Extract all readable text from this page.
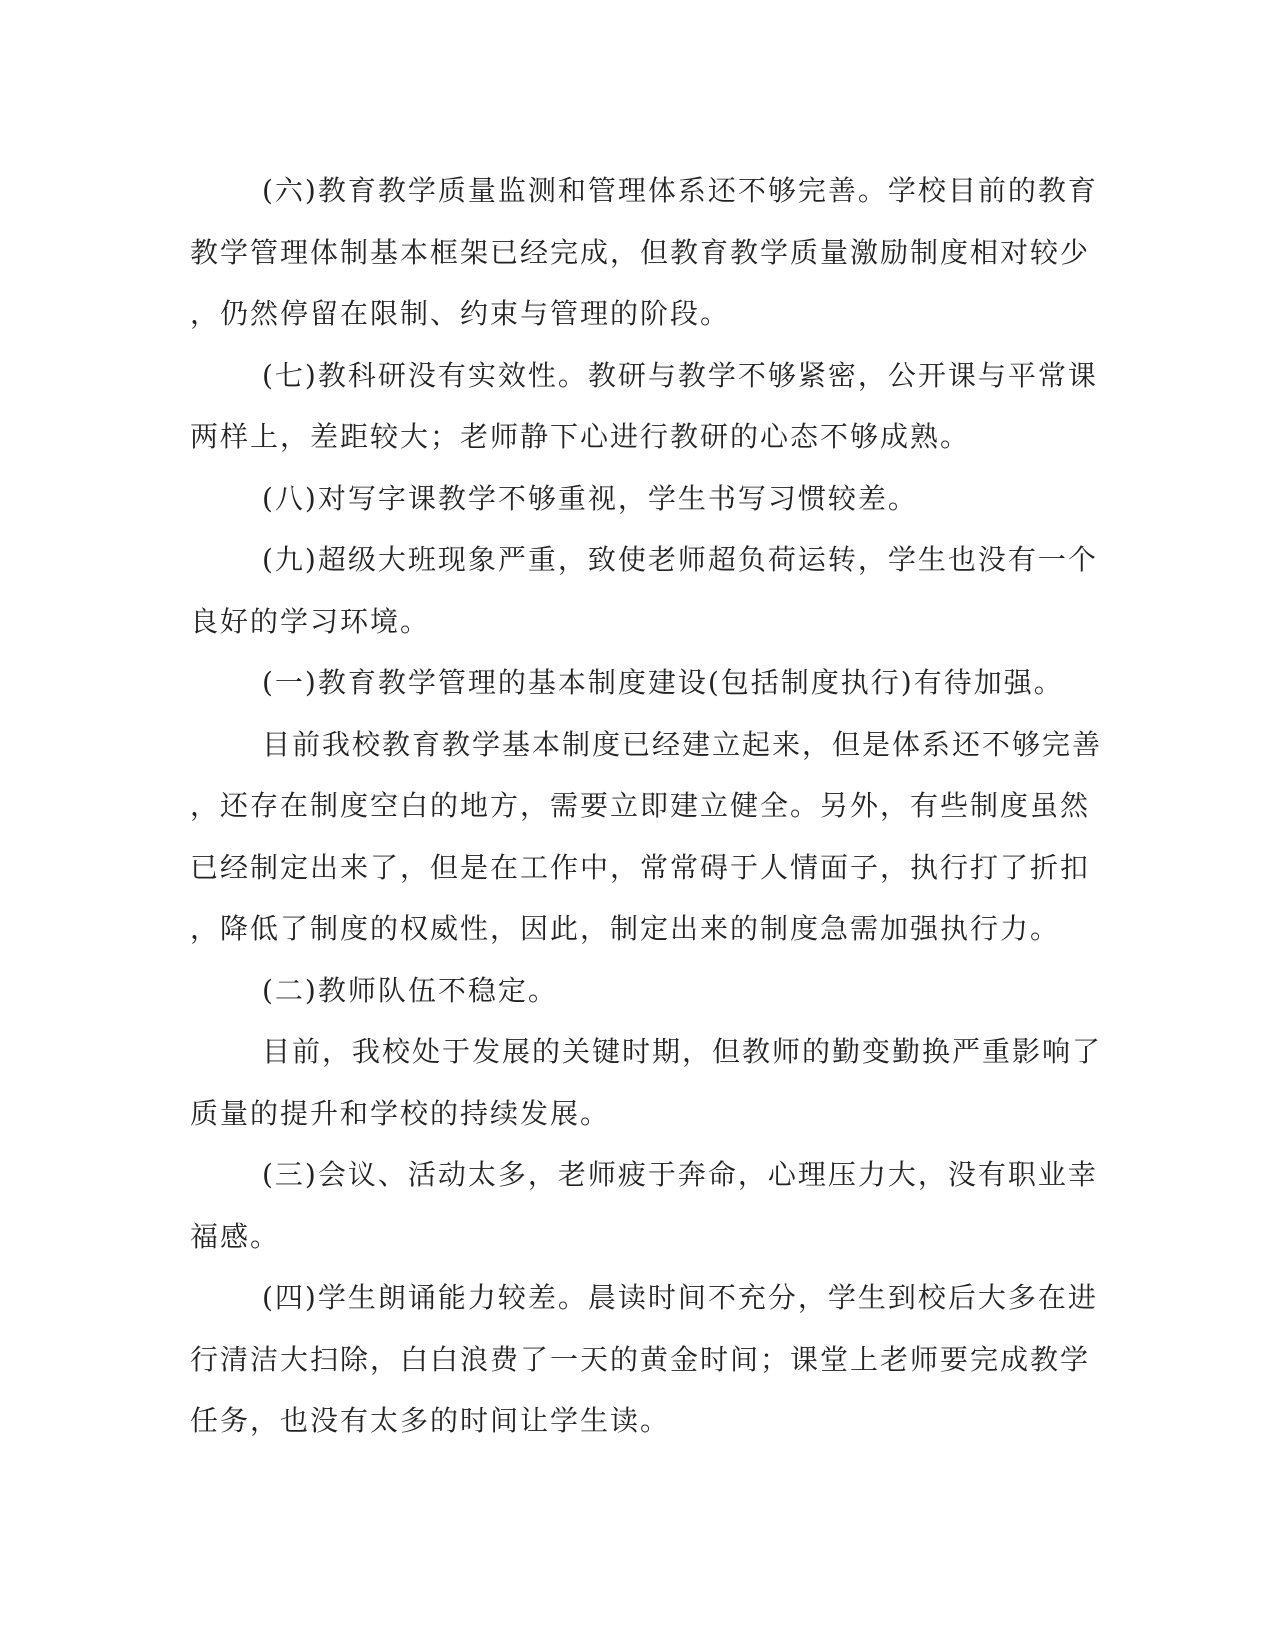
(六)教育教学质量监测和管理体系还不够完善。学校目前的教育
教学管理体制基本框架已经完成，但教育教学质量激励制度相对较少
，仍然停留在限制、约束与管理的阶段。
(七)教科研没有实效性。教研与教学不够紧密，公开课与平常课
两样上，差距较大；老师静下心进行教研的心态不够成熟。
(八)对写字课教学不够重视，学生书写习惯较差。
(九)超级大班现象严重，致使老师超负荷运转，学生也没有一个
良好的学习环境。
(一)教育教学管理的基本制度建设(包括制度执行)有待加强。
目前我校教育教学基本制度已经建立起来，但是体系还不够完善
，还存在制度空白的地方，需要立即建立健全。另外，有些制度虽然
已经制定出来了，但是在工作中，常常碍于人情面子，执行打了折扣
，降低了制度的权威性，因此，制定出来的制度急需加强执行力。
(二)教师队伍不稳定。
目前，我校处于发展的关键时期，但教师的勤变勤换严重影响了
质量的提升和学校的持续发展。
(三)会议、活动太多，老师疲于奔命，心理压力大，没有职业幸
福感。
(四)学生朗诵能力较差。晨读时间不充分，学生到校后大多在进
行清洁大扫除，白白浪费了一天的黄金时间；课堂上老师要完成教学
任务，也没有太多的时间让学生读。
